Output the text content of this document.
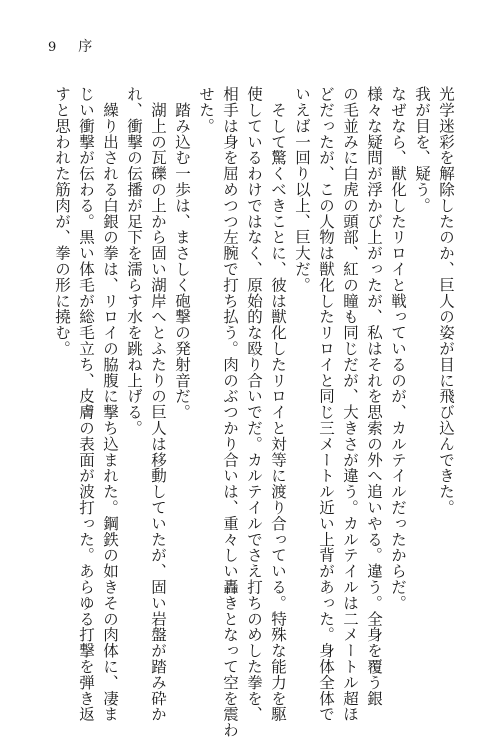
9 序

光学迷彩を解除したのか、巨人の姿が目に飛び込んできた。

我が目を、疑う。

なぜなら、獣化したリロイと戦っているのが、カルテイルだったからだ。

様々な疑問が浮かび上がったが、私はそれを思索の外へ追いやる。違う。全身を覆う銀

の毛並みに白虎の頭部、紅の瞳も同じだが、大きさが違う。カルテイルは二メートル超ほ

どだったが、この人物は獣化したリロイと同じ三メートル近い上背があった。身体全体で

いえば一回り以上、巨大だ。

　そして驚くべきことに、彼は獣化したリロイと対等に渡り合っている。特殊な能力を駆

使しているわけではなく、原始的な殴り合いでだ。カルテイルでさえ打ちのめした拳を、

相手は身を屈めつつ左腕で打ち払う。肉のぶつかり合いは、重々しい轟きとなって空を震わ

せた。

　踏み込む一歩は、まさしく砲撃の発射音だ。

　湖上の瓦礫の上から固い湖岸へとふたりの巨人は移動していたが、固い岩盤が踏み砕か

れ、衝撃の伝播が足下を濡らす水を跳ね上げる。

　繰り出される白銀の拳は、リロイの脇腹に撃ち込まれた。鋼鉄の如きその肉体に、凄ま

じい衝撃が伝わる。黒い体毛が総毛立ち、皮膚の表面が波打った。あらゆる打撃を弾き返

すと思われた筋肉が、拳の形に撓む。
